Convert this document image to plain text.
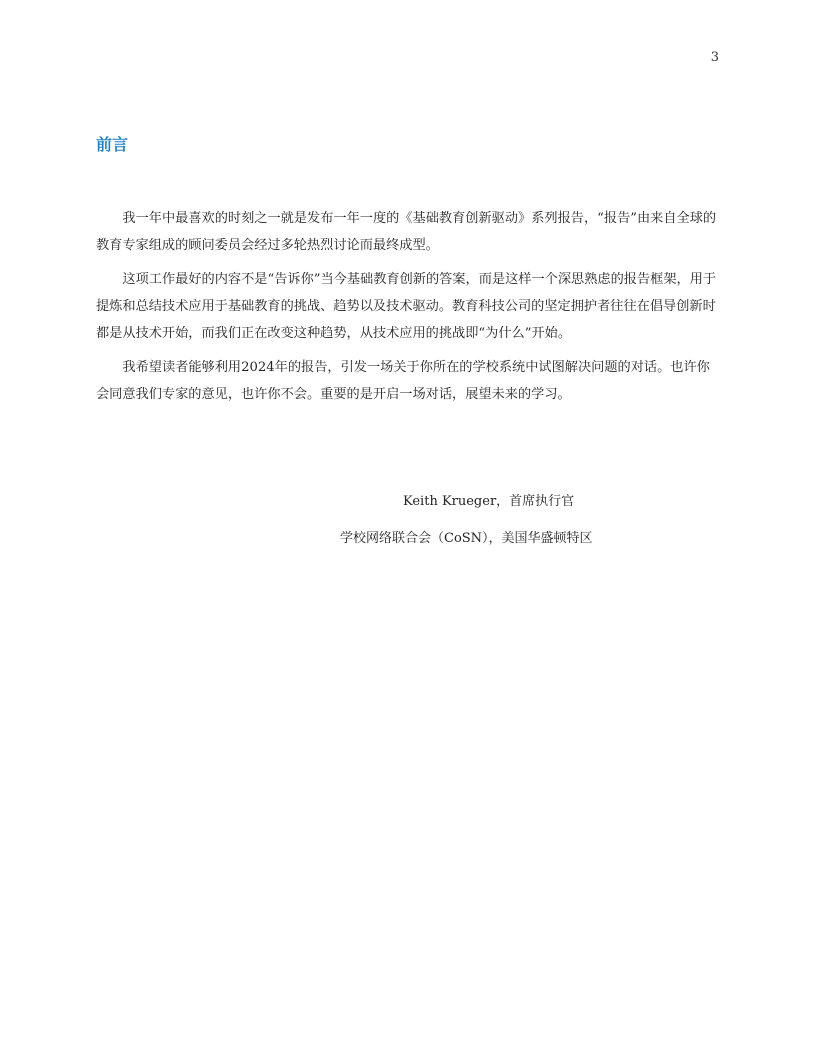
3
前言

我一年中最喜欢的时刻之一就是发布一年一度的《基础教育创新驱动》系列报告，“报告”由来自全球的教育专家组成的顾问委员会经过多轮热烈讨论而最终成型。

这项工作最好的内容不是“告诉你”当今基础教育创新的答案，而是这样一个深思熟虑的报告框架，用于提炼和总结技术应用于基础教育的挑战、趋势以及技术驱动。教育科技公司的坚定拥护者往往在倡导创新时都是从技术开始，而我们正在改变这种趋势，从技术应用的挑战即“为什么”开始。

我希望读者能够利用2024年的报告，引发一场关于你所在的学校系统中试图解决问题的对话。也许你会同意我们专家的意见，也许你不会。重要的是开启一场对话，展望未来的学习。

Keith Krueger，首席执行官
学校网络联合会（CoSN），美国华盛顿特区
